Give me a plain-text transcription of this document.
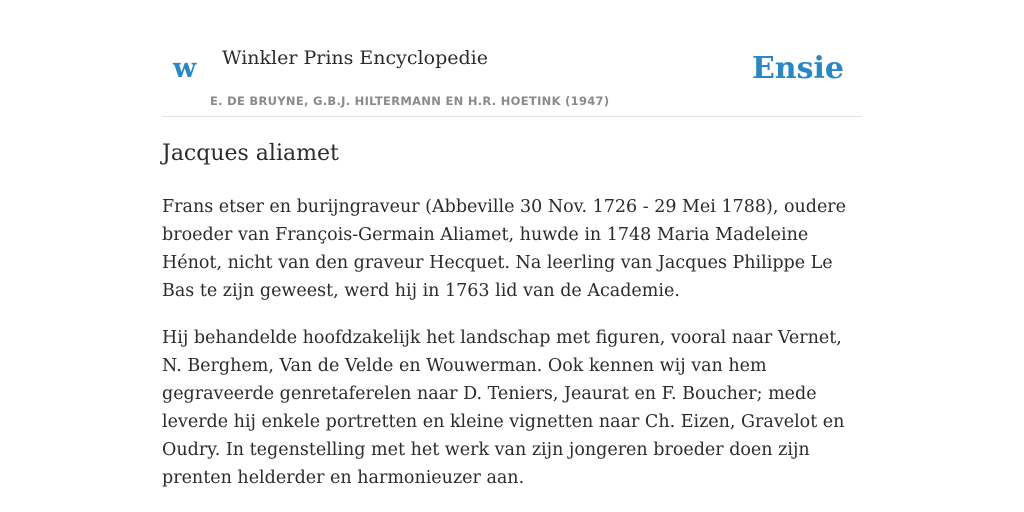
w Winkler Prins Encyclopedie
E. DE BRUYNE, G.B.J. HILTERMANN EN H.R. HOETINK (1947)
Ensie
Jacques aliamet

Frans etser en burijngraveur (Abbeville 30 Nov. 1726 - 29 Mei 1788), oudere broeder van François-Germain Aliamet, huwde in 1748 Maria Madeleine Hénot, nicht van den graveur Hecquet. Na leerling van Jacques Philippe Le Bas te zijn geweest, werd hij in 1763 lid van de Academie.

Hij behandelde hoofdzakelijk het landschap met figuren, vooral naar Vernet, N. Berghem, Van de Velde en Wouwerman. Ook kennen wij van hem gegraveerde genretaferelen naar D. Teniers, Jeaurat en F. Boucher; mede leverde hij enkele portretten en kleine vignetten naar Ch. Eizen, Gravelot en Oudry. In tegenstelling met het werk van zijn jongeren broeder doen zijn prenten helderder en harmonieuzer aan.
